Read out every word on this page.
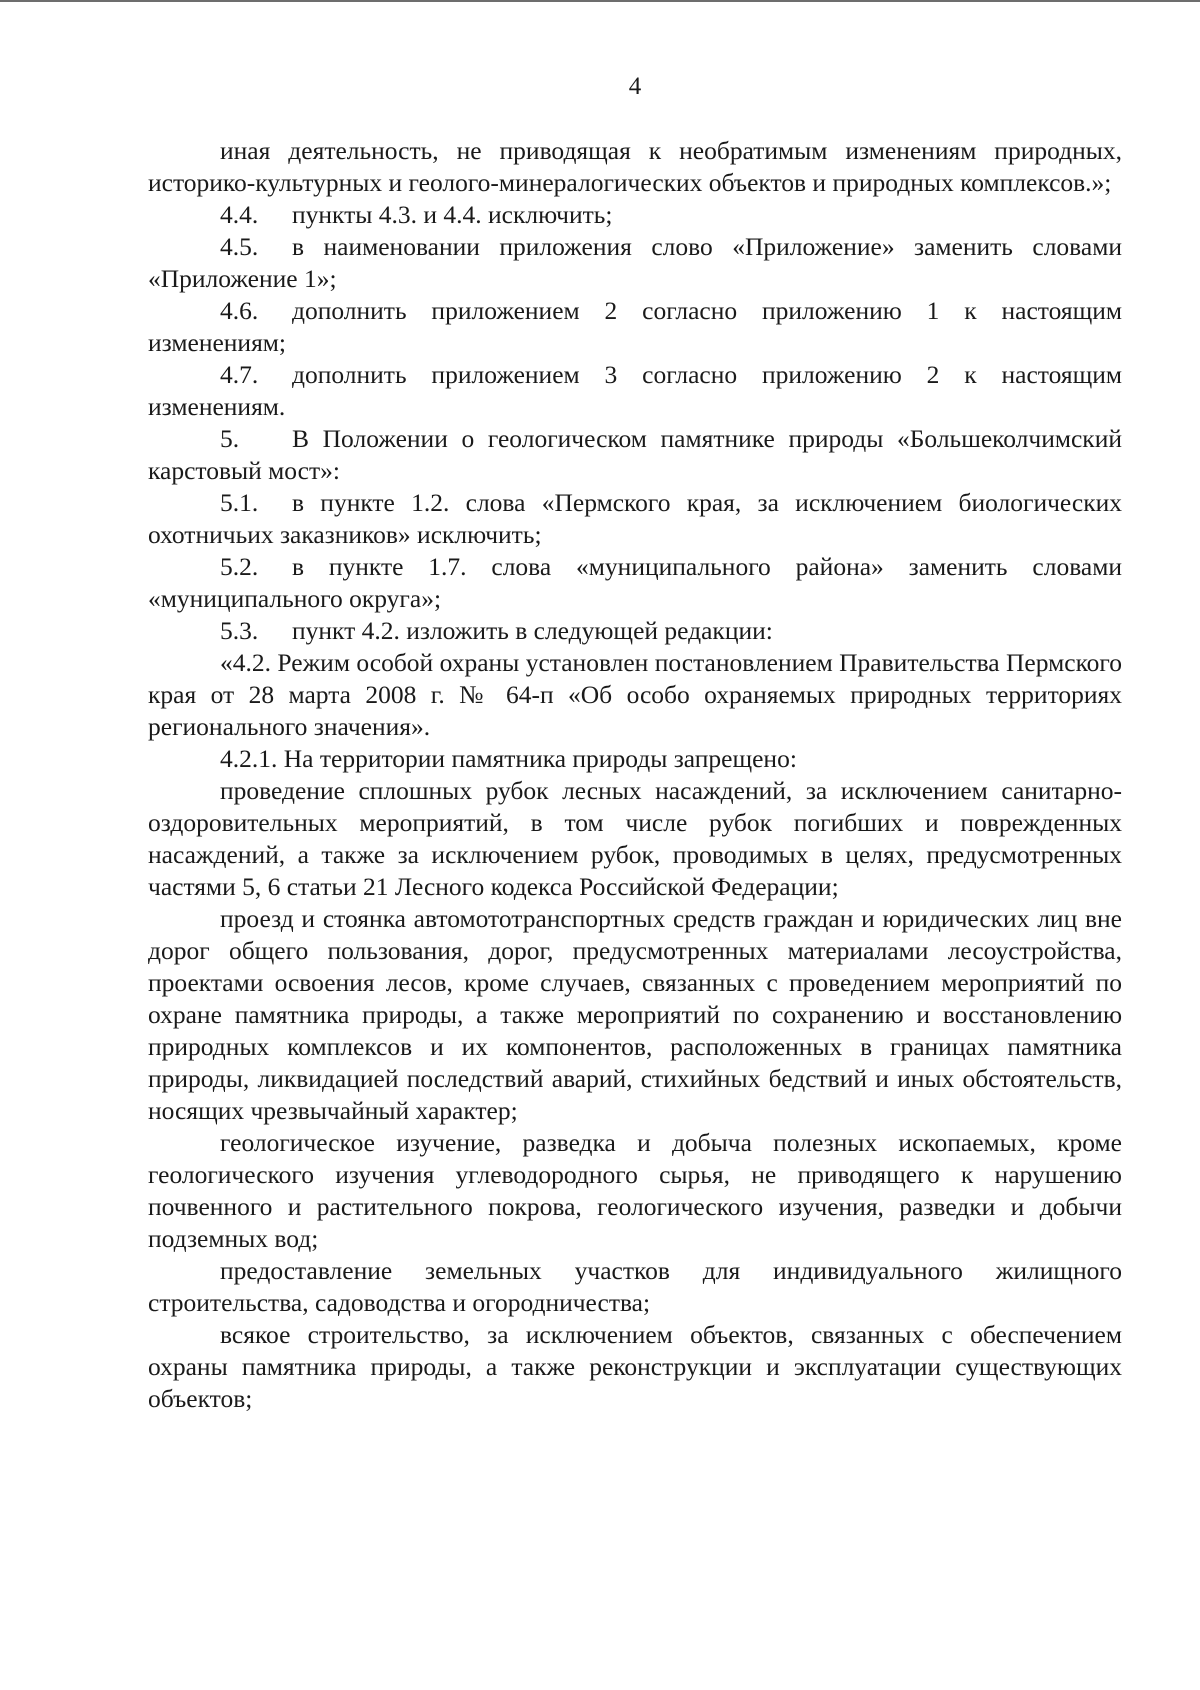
4

иная деятельность, не приводящая к необратимым изменениям природных, историко-культурных и геолого-минералогических объектов и природных комплексов.»;

4.4. пункты 4.3. и 4.4. исключить;

4.5. в наименовании приложения слово «Приложение» заменить словами «Приложение 1»;

4.6. дополнить приложением 2 согласно приложению 1 к настоящим изменениям;

4.7. дополнить приложением 3 согласно приложению 2 к настоящим изменениям.

5. В Положении о геологическом памятнике природы «Большеколчимский карстовый мост»:

5.1. в пункте 1.2. слова «Пермского края, за исключением биологических охотничьих заказников» исключить;

5.2. в пункте 1.7. слова «муниципального района» заменить словами «муниципального округа»;

5.3. пункт 4.2. изложить в следующей редакции:

«4.2. Режим особой охраны установлен постановлением Правительства Пермского края от 28 марта 2008 г. № 64-п «Об особо охраняемых природных территориях регионального значения».

4.2.1. На территории памятника природы запрещено:

проведение сплошных рубок лесных насаждений, за исключением санитарно-оздоровительных мероприятий, в том числе рубок погибших и поврежденных насаждений, а также за исключением рубок, проводимых в целях, предусмотренных частями 5, 6 статьи 21 Лесного кодекса Российской Федерации;

проезд и стоянка автомототранспортных средств граждан и юридических лиц вне дорог общего пользования, дорог, предусмотренных материалами лесоустройства, проектами освоения лесов, кроме случаев, связанных с проведением мероприятий по охране памятника природы, а также мероприятий по сохранению и восстановлению природных комплексов и их компонентов, расположенных в границах памятника природы, ликвидацией последствий аварий, стихийных бедствий и иных обстоятельств, носящих чрезвычайный характер;

геологическое изучение, разведка и добыча полезных ископаемых, кроме геологического изучения углеводородного сырья, не приводящего к нарушению почвенного и растительного покрова, геологического изучения, разведки и добычи подземных вод;

предоставление земельных участков для индивидуального жилищного строительства, садоводства и огородничества;

всякое строительство, за исключением объектов, связанных с обеспечением охраны памятника природы, а также реконструкции и эксплуатации существующих объектов;
